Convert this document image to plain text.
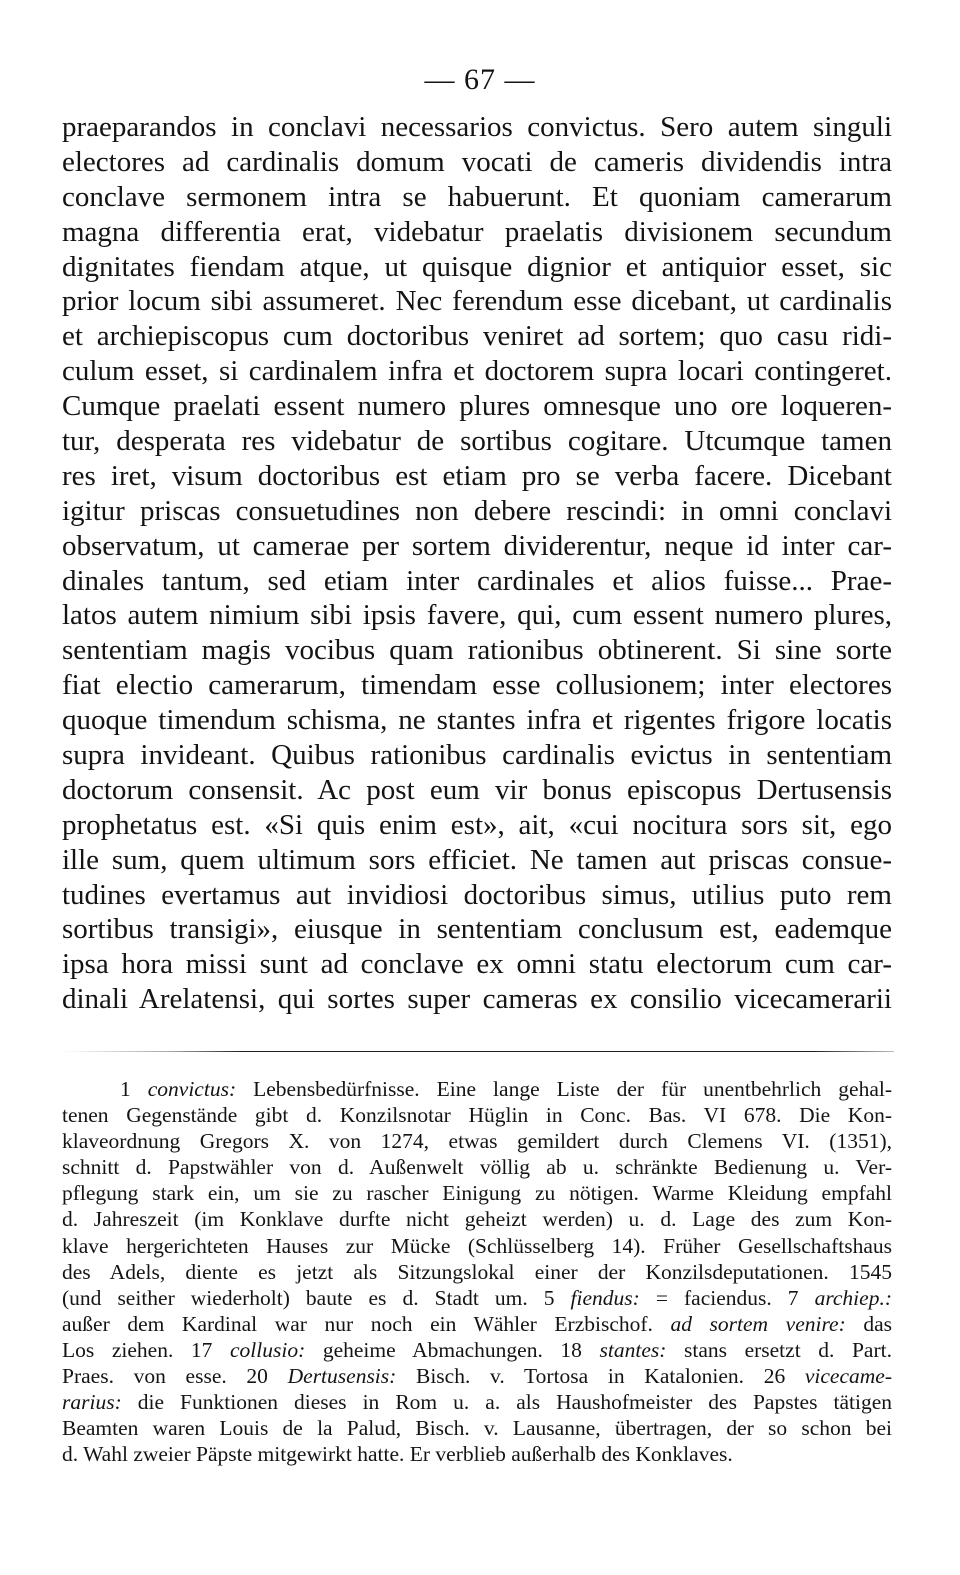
— 67 —
praeparandos in conclavi necessarios convictus. Sero autem singuli
electores ad cardinalis domum vocati de cameris dividendis intra
conclave sermonem intra se habuerunt. Et quoniam camerarum
magna differentia erat, videbatur praelatis divisionem secundum
dignitates fiendam atque, ut quisque dignior et antiquior esset, sic
prior locum sibi assumeret. Nec ferendum esse dicebant, ut cardinalis
et archiepiscopus cum doctoribus veniret ad sortem; quo casu ridi-
culum esset, si cardinalem infra et doctorem supra locari contingeret.
Cumque praelati essent numero plures omnesque uno ore loqueren-
tur, desperata res videbatur de sortibus cogitare. Utcumque tamen
res iret, visum doctoribus est etiam pro se verba facere. Dicebant
igitur priscas consuetudines non debere rescindi: in omni conclavi
observatum, ut camerae per sortem dividerentur, neque id inter car-
dinales tantum, sed etiam inter cardinales et alios fuisse... Prae-
latos autem nimium sibi ipsis favere, qui, cum essent numero plures,
sententiam magis vocibus quam rationibus obtinerent. Si sine sorte
fiat electio camerarum, timendam esse collusionem; inter electores
quoque timendum schisma, ne stantes infra et rigentes frigore locatis
supra invideant. Quibus rationibus cardinalis evictus in sententiam
doctorum consensit. Ac post eum vir bonus episcopus Dertusensis
prophetatus est. «Si quis enim est», ait, «cui nocitura sors sit, ego
ille sum, quem ultimum sors efficiet. Ne tamen aut priscas consue-
tudines evertamus aut invidiosi doctoribus simus, utilius puto rem
sortibus transigi», eiusque in sententiam conclusum est, eademque
ipsa hora missi sunt ad conclave ex omni statu electorum cum car-
dinali Arelatensi, qui sortes super cameras ex consilio vicecamerarii
1 convictus: Lebensbedürfnisse. Eine lange Liste der für unentbehrlich gehal-
tenen Gegenstände gibt d. Konzilsnotar Hüglin in Conc. Bas. VI 678. Die Kon-
klaveordnung Gregors X. von 1274, etwas gemildert durch Clemens VI. (1351),
schnitt d. Papstwähler von d. Außenwelt völlig ab u. schränkte Bedienung u. Ver-
pflegung stark ein, um sie zu rascher Einigung zu nötigen. Warme Kleidung empfahl
d. Jahreszeit (im Konklave durfte nicht geheizt werden) u. d. Lage des zum Kon-
klave hergerichteten Hauses zur Mücke (Schlüsselberg 14). Früher Gesellschaftshaus
des Adels, diente es jetzt als Sitzungslokal einer der Konzilsdeputationen. 1545
(und seither wiederholt) baute es d. Stadt um. 5 fiendus: = faciendus. 7 archiep.:
außer dem Kardinal war nur noch ein Wähler Erzbischof. ad sortem venire: das
Los ziehen. 17 collusio: geheime Abmachungen. 18 stantes: stans ersetzt d. Part.
Praes. von esse. 20 Dertusensis: Bisch. v. Tortosa in Katalonien. 26 vicecame-
rarius: die Funktionen dieses in Rom u. a. als Haushofmeister des Papstes tätigen
Beamten waren Louis de la Palud, Bisch. v. Lausanne, übertragen, der so schon bei
d. Wahl zweier Päpste mitgewirkt hatte. Er verblieb außerhalb des Konklaves.
